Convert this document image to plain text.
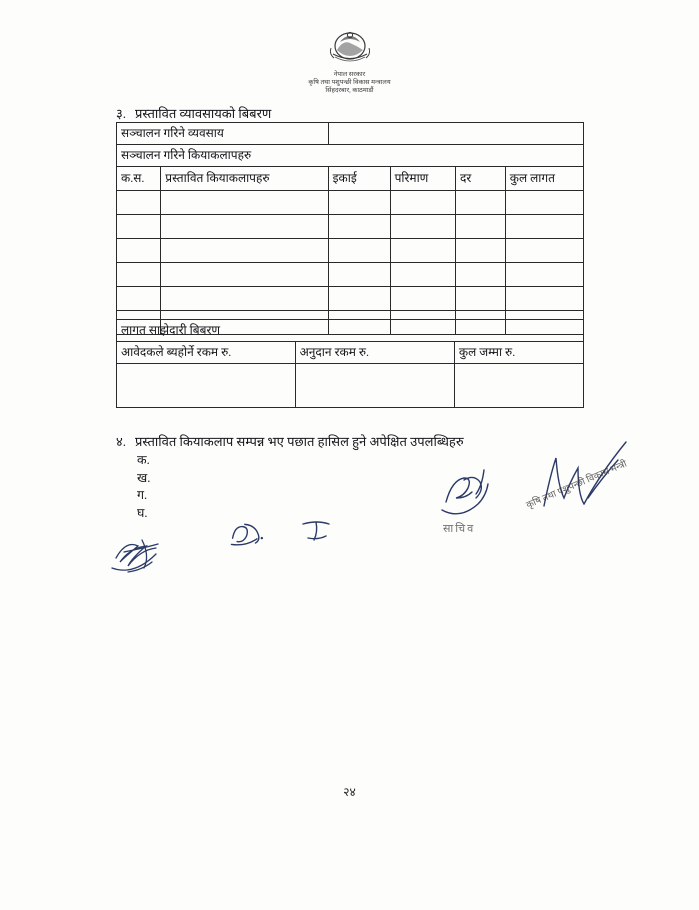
नेपाल सरकार
कृषि तथा पशुपन्छी विकास मन्त्रालय
सिंहदरबार, काठमाडौं
३. प्रस्तावित व्यावसायको बिबरण
सञ्चालन गरिने व्यवसाय					
सञ्चालन गरिने कियाकलापहरु					
क.स.	प्रस्तावित कियाकलापहरु	इकाई	परिमाण	दर	कुल लागत

लागत साझेदारी बिबरण		
आवेदकले ब्यहोर्ने रकम रु.	अनुदान रकम रु.	कुल जम्मा रु.

४. प्रस्तावित कियाकलाप सम्पन्न भए पछात हासिल हुने अपेक्षित उपलब्धिहरु
क.
ख.
ग.
घ.
साचिव
कृषि तथा पशुपन्छी विकास मन्त्री
२४
